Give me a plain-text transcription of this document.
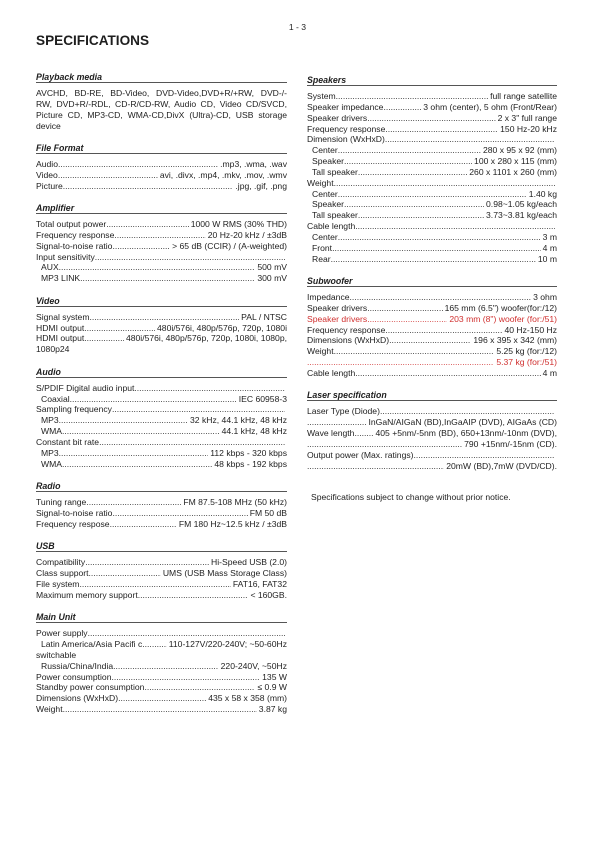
1 - 3
SPECIFICATIONS
Playback media
AVCHD, BD-RE, BD-Video, DVD-Video,DVD+R/+RW, DVD-/-
RW, DVD+R/-RDL, CD-R/CD-RW, Audio CD, Video CD/SVCD,
Picture CD, MP3-CD, WMA-CD,DivX (Ultra)-CD, USB storage
device
File Format
Audio .....	.mp3, .wma, .wav
Video .....	avi, .divx, .mp4, .mkv, .mov, .wmv
Picture .....	.jpg, .gif, .png
Amplifier
Total output power .....	1000 W RMS (30% THD)
Frequency response .....	20 Hz-20 kHz / ±3dB
Signal-to-noise ratio .....	> 65 dB (CCIR) / (A-weighted)
Input sensitivity
.....
AUX .....	500 mV
MP3 LINK .....	300 mV
Video
Signal system .....	PAL / NTSC
HDMI output .....	480i/576i, 480p/576p, 720p, 1080i
HDMI output .....	480i/576i, 480p/576p, 720p, 1080i, 1080p,
1080p24
Audio
S/PDIF Digital audio input
.....
Coaxial .....	IEC 60958-3
Sampling frequency
.....
MP3 .....	32 kHz, 44.1 kHz, 48 kHz
WMA .....	44.1 kHz, 48 kHz
Constant bit rate
.....
MP3 .....	112 kbps - 320 kbps
WMA .....	48 kbps - 192 kbps
Radio
Tuning range .....	FM 87.5-108 MHz (50 kHz)
Signal-to-noise ratio .....	FM 50 dB
Frequency respose .....	FM 180 Hz~12.5 kHz / ±3dB
USB
Compatibility .....	Hi-Speed USB (2.0)
Class support .....	UMS (USB Mass Storage Class)
File system .....	FAT16, FAT32
Maximum memory support .....	< 160GB.
Main Unit
Power supply
.....
Latin America/Asia Pacifi c .....	110-127V/220-240V; ~50-60Hz
switchable
Russia/China/India .....	220-240V, ~50Hz
Power consumption .....	135 W
Standby power consumption .....	≤ 0.9 W
Dimensions (WxHxD) .....	435 x 58 x 358 (mm)
Weight .....	3.87 kg
Speakers
System .....	full range satellite
Speaker impedance .....	3 ohm (center), 5 ohm (Front/Rear)
Speaker drivers .....	2 x 3" full range
Frequency response .....	150 Hz-20 kHz
Dimension (WxHxD)
.....
Center .....	280 x 95 x 92 (mm)
Speaker .....	100 x 280 x 115 (mm)
Tall speaker .....	260 x 1101 x 260 (mm)
Weight
.....
Center .....	1.40 kg
Speaker .....	0.98~1.05 kg/each
Tall speaker .....	3.73~3.81 kg/each
Cable length
.....
Center .....	3 m
Front .....	4 m
Rear .....	10 m
Subwoofer
Impedance .....	3 ohm
Speaker drivers .....	165 mm (6.5") woofer(for:/12)
Speaker drivers .....	203 mm (8") woofer (for:/51)
Frequency response .....	40 Hz-150 Hz
Dimensions (WxHxD) .....	196 x 395 x 342 (mm)
Weight .....	5.25 kg (for:/12)
.....
5.37 kg (for:/51)
Cable length .....	4 m
Laser specification
Laser Type (Diode)
.....
.....
InGaN/AIGaN (BD),InGaAIP (DVD), AIGaAs (CD)
Wave length ..... 405 +5nm/-5nm (BD), 650+13nm/-10nm (DVD),
.....
790 +15nm/-15nm (CD).
Output power (Max. ratings)
.....
.....
20mW (BD),7mW (DVD/CD).
Specifications subject to change without prior notice.
